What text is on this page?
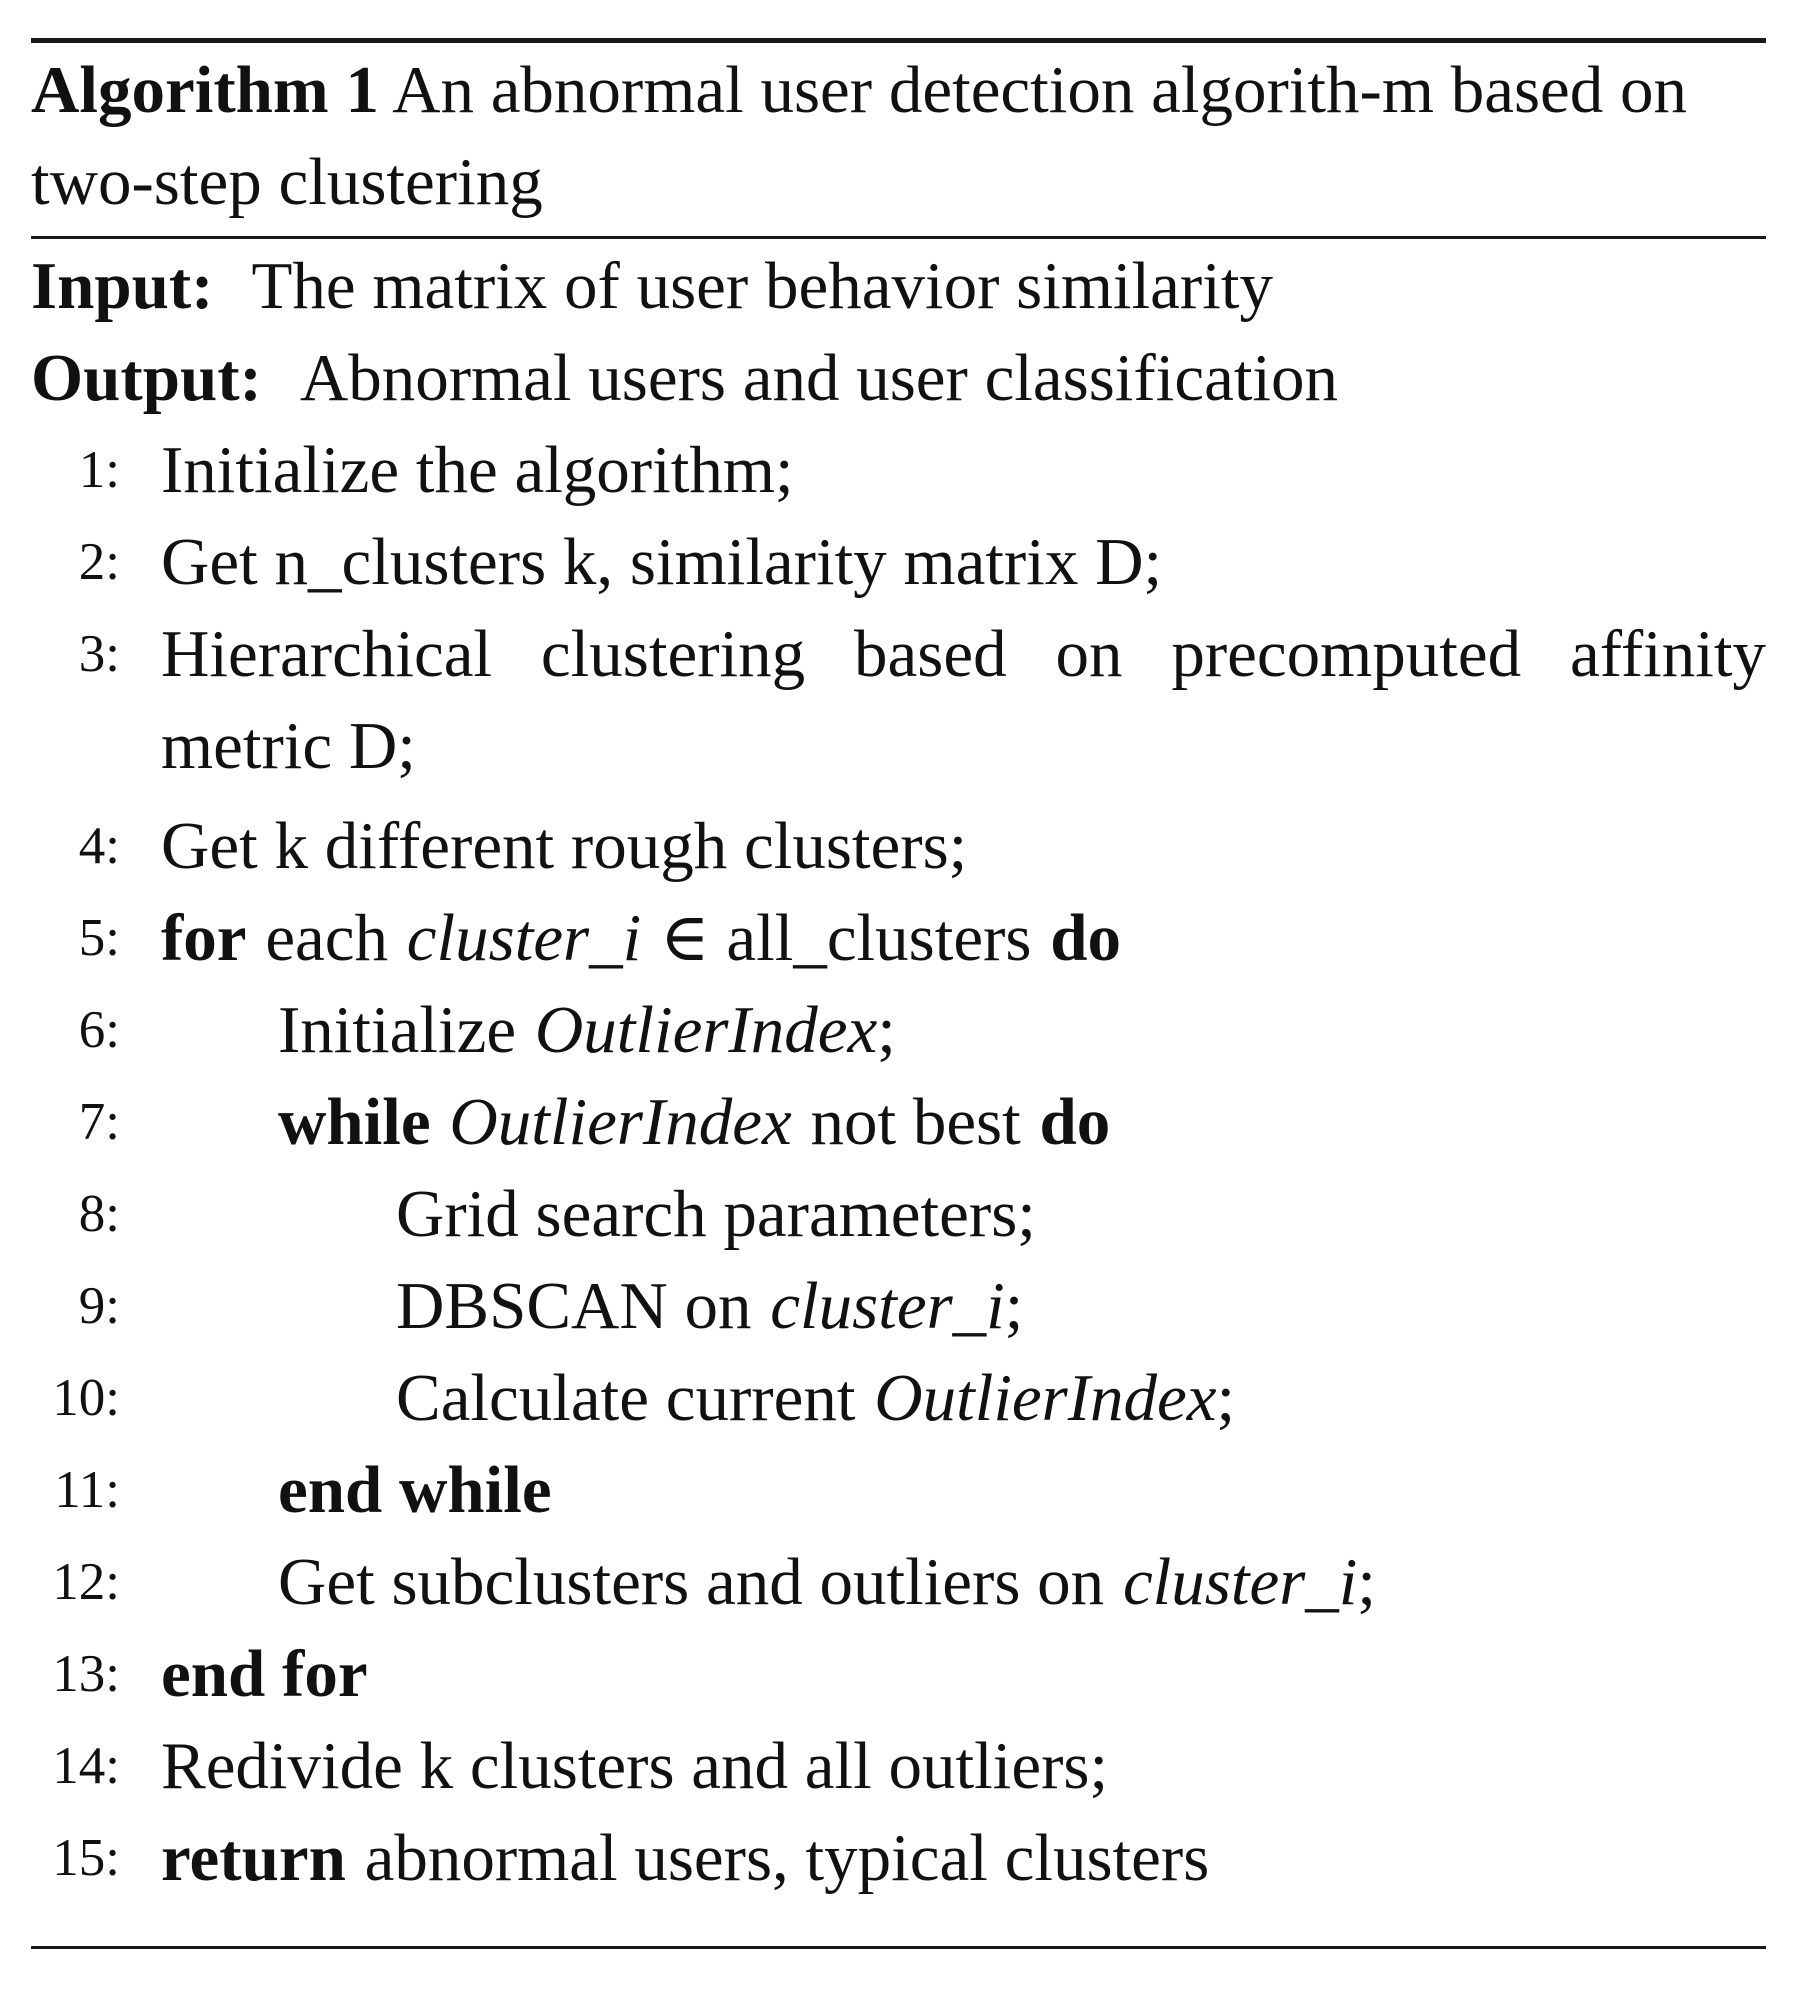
Algorithm 1 An abnormal user detection algorith-m based on two-step clustering
Input: The matrix of user behavior similarity
Output: Abnormal users and user classification
1: Initialize the algorithm;
2: Get n_clusters k, similarity matrix D;
3: Hierarchical clustering based on precomputed affinity metric D;
4: Get k different rough clusters;
5: for each cluster_i ∈ all_clusters do
6: Initialize OutlierIndex;
7: while OutlierIndex not best do
8:	Grid search parameters;
9:	DBSCAN on cluster_i;
10:	Calculate current OutlierIndex;
11: end while
12: Get subclusters and outliers on cluster_i;
13: end for
14: Redivide k clusters and all outliers;
15: return abnormal users, typical clusters
